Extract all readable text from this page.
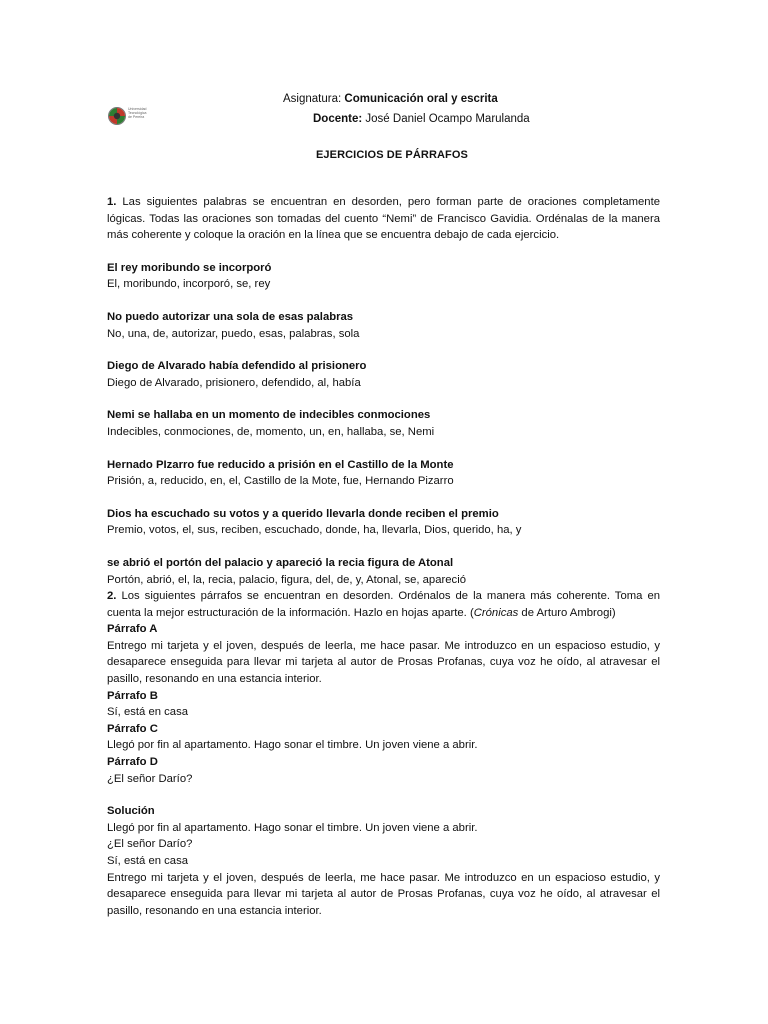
Universidad
Tecnológica
de Pereira
Asignatura: Comunicación oral y escrita
Docente: José Daniel Ocampo Marulanda
EJERCICIOS DE PÁRRAFOS

1. Las siguientes palabras se encuentran en desorden, pero forman parte de oraciones completamente lógicas. Todas las oraciones son tomadas del cuento “Nemi” de Francisco Gavidia. Ordénalas de la manera más coherente y coloque la oración en la línea que se encuentra debajo de cada ejercicio.

El rey moribundo se incorporó

El, moribundo, incorporó, se, rey

No puedo autorizar una sola de esas palabras

No, una, de, autorizar, puedo, esas, palabras, sola

Diego de Alvarado había defendido al prisionero

Diego de Alvarado, prisionero, defendido, al, había

Nemi se hallaba en un momento de indecibles conmociones

Indecibles, conmociones, de, momento, un, en, hallaba, se, Nemi

Hernado PIzarro fue reducido a prisión en el Castillo de la Monte

Prisión, a, reducido, en, el, Castillo de la Mote, fue, Hernando Pizarro

Dios ha escuchado su votos y a querido llevarla donde reciben el premio

Premio, votos, el, sus, reciben, escuchado, donde, ha, llevarla, Dios, querido, ha, y

se abrió el portón del palacio y apareció la recia figura de Atonal

Portón, abrió, el, la, recia, palacio, figura, del, de, y, Atonal, se, apareció

2. Los siguientes párrafos se encuentran en desorden. Ordénalos de la manera más coherente. Toma en cuenta la mejor estructuración de la información. Hazlo en hojas aparte. (Crónicas de Arturo Ambrogi)

Párrafo A

Entrego mi tarjeta y el joven, después de leerla, me hace pasar. Me introduzco en un espacioso estudio, y desaparece enseguida para llevar mi tarjeta al autor de Prosas Profanas, cuya voz he oído, al atravesar el pasillo, resonando en una estancia interior.

Párrafo B

Sí, está en casa

Párrafo C

Llegó por fin al apartamento. Hago sonar el timbre. Un joven viene a abrir.

Párrafo D

¿El señor Darío?

Solución

Llegó por fin al apartamento. Hago sonar el timbre. Un joven viene a abrir.

¿El señor Darío?

Sí, está en casa

Entrego mi tarjeta y el joven, después de leerla, me hace pasar. Me introduzco en un espacioso estudio, y desaparece enseguida para llevar mi tarjeta al autor de Prosas Profanas, cuya voz he oído, al atravesar el pasillo, resonando en una estancia interior.
